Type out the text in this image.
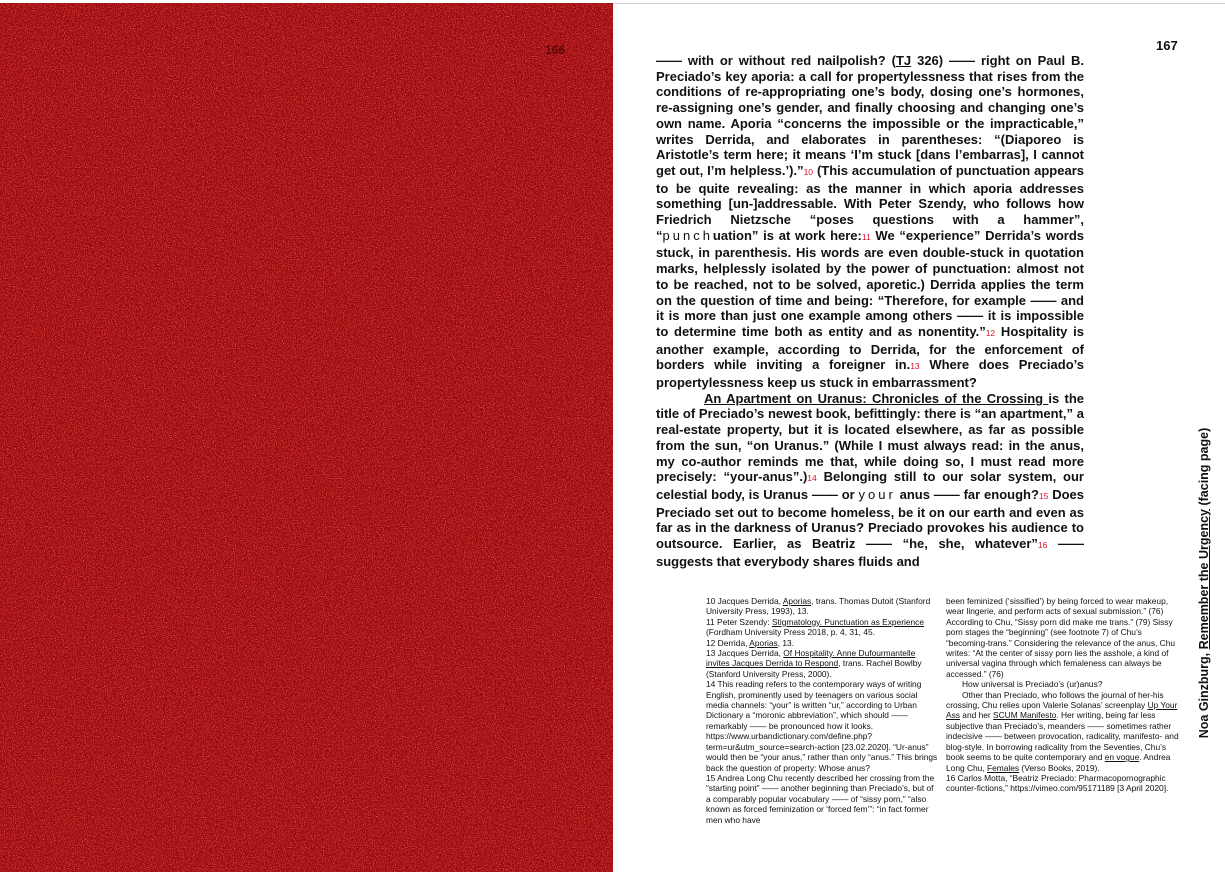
166	167

—— with or without red nailpolish? (TJ 326) —— right on Paul B. Preciado’s key aporia: a call for propertylessness that rises from the conditions of re-appropriating one’s body, dosing one’s hormones, re-assigning one’s gender, and finally choosing and changing one’s own name. Aporia “concerns the impossible or the impracticable,” writes Derrida, and elaborates in parentheses: “(Diaporeo is Aristotle’s term here; it means ‘I’m stuck [dans l’embarras], I cannot get out, I’m helpless.’).”10 (This accumulation of punctuation appears to be quite revealing: as the manner in which aporia addresses something [un-]addressable. With Peter Szendy, who follows how Friedrich Nietzsche “poses questions with a hammer”, “punchuation” is at work here:11 We “experience” Derrida’s words stuck, in parenthesis. His words are even double-stuck in quotation marks, helplessly isolated by the power of punctuation: almost not to be reached, not to be solved, aporetic.) Derrida applies the term on the question of time and being: “Therefore, for example —— and it is more than just one example among others —— it is impossible to determine time both as entity and as nonentity.”12 Hospitality is another example, according to Derrida, for the enforcement of borders while inviting a foreigner in.13 Where does Preciado’s propertylessness keep us stuck in embarrassment?

An Apartment on Uranus: Chronicles of the Crossing is the title of Preciado’s newest book, befittingly: there is “an apartment,” a real-estate property, but it is located elsewhere, as far as possible from the sun, “on Uranus.” (While I must always read: in the anus, my co-author reminds me that, while doing so, I must read more precisely: “your-anus”.)14 Belonging still to our solar system, our celestial body, is Uranus —— or your anus —— far enough?15 Does Preciado set out to become homeless, be it on our earth and even as far as in the darkness of Uranus? Preciado provokes his audience to outsource. Earlier, as Beatriz —— “he, she, whatever”16 —— suggests that everybody shares fluids and

10 Jacques Derrida, Aporias, trans. Thomas Dutoit (Stanford University Press, 1993), 13.

11 Peter Szendy: Stigmatology. Punctuation as Experience (Fordham University Press 2018, p. 4, 31, 45.

12 Derrida, Aporias, 13.

13 Jacques Derrida, Of Hospitality. Anne Dufourmantelle invites Jacques Derrida to Respond, trans. Rachel Bowlby (Stanford University Press, 2000).

14 This reading refers to the contemporary ways of writing English, prominently used by teenagers on various social media channels: “your” is written “ur,” according to Urban Dictionary a “moronic abbreviation”, which should —— remarkably —— be pronounced how it looks. https://www.urbandictionary.com/define.php?term=ur&utm_source=search-action [23.02.2020]. “Ur-anus” would then be “your anus,” rather than only “anus.” This brings back the question of property: Whose anus?

15 Andrea Long Chu recently described her crossing from the “starting point” —— another beginning than Preciado’s, but of a comparably popular vocabulary —— of “sissy porn,” “also known as forced feminization or ‘forced fem’”: “in fact former men who have

been feminized (‘sissified’) by being forced to wear makeup, wear lingerie, and perform acts of sexual submission.” (76) According to Chu, “Sissy porn did make me trans.” (79) Sissy porn stages the “beginning” (see footnote 7) of Chu’s “becoming-trans.” Considering the relevance of the anus, Chu writes: “At the center of sissy porn lies the asshole, a kind of universal vagina through which femaleness can always be accessed.” (76)

How universal is Preciado’s (ur)anus?

Other than Preciado, who follows the journal of her-his crossing, Chu relies upon Valerie Solanas’ screenplay Up Your Ass and her SCUM Manifesto. Her writing, being far less subjective than Preciado’s, meanders —— sometimes rather indecisive —— between provocation, radicality, manifesto- and blog-style. In borrowing radicality from the Seventies, Chu’s book seems to be quite contemporary and en vogue. Andrea Long Chu, Females (Verso Books, 2019).

16 Carlos Motta, “Beatriz Preciado: Pharmacopornographic counter-fictions,” https://vimeo.com/95171189 [3 April 2020].

Noa Ginzburg, Remember the Urgency (facing page)
